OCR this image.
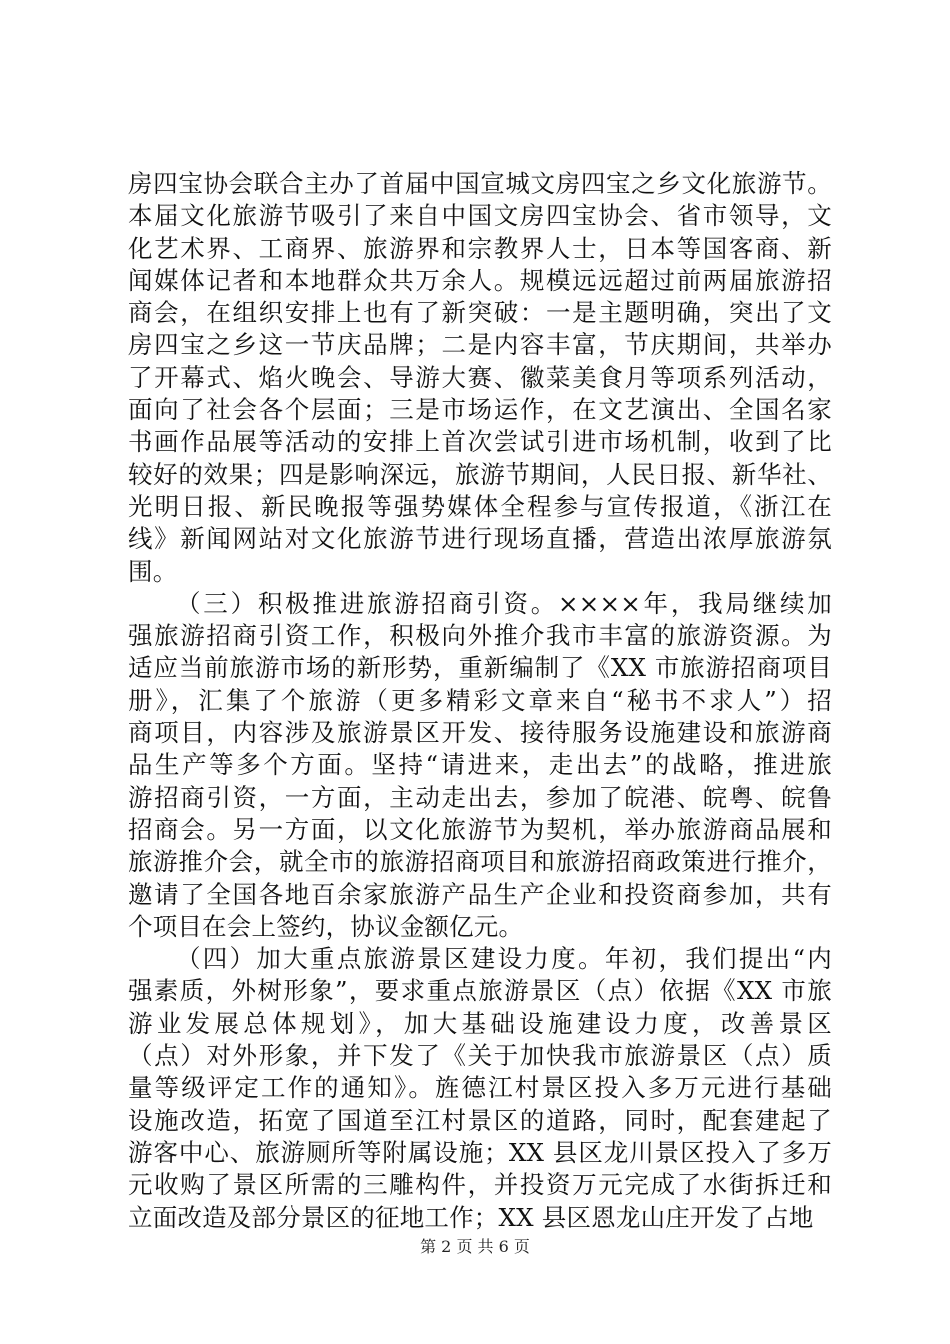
房四宝协会联合主办了首届中国宣城文房四宝之乡文化旅游节。
本届文化旅游节吸引了来自中国文房四宝协会、省市领导，文
化艺术界、工商界、旅游界和宗教界人士，日本等国客商、新
闻媒体记者和本地群众共万余人。规模远远超过前两届旅游招
商会，在组织安排上也有了新突破：一是主题明确，突出了文
房四宝之乡这一节庆品牌；二是内容丰富，节庆期间，共举办
了开幕式、焰火晚会、导游大赛、徽菜美食月等项系列活动，
面向了社会各个层面；三是市场运作，在文艺演出、全国名家
书画作品展等活动的安排上首次尝试引进市场机制，收到了比
较好的效果；四是影响深远，旅游节期间，人民日报、新华社、
光明日报、新民晚报等强势媒体全程参与宣传报道，《浙江在
线》新闻网站对文化旅游节进行现场直播，营造出浓厚旅游氛
围。
（三）积极推进旅游招商引资。××××年，我局继续加
强旅游招商引资工作，积极向外推介我市丰富的旅游资源。为
适应当前旅游市场的新形势，重新编制了《XX 市旅游招商项目
册》，汇集了个旅游（更多精彩文章来自“秘书不求人”）招
商项目，内容涉及旅游景区开发、接待服务设施建设和旅游商
品生产等多个方面。坚持“请进来，走出去”的战略，推进旅
游招商引资，一方面，主动走出去，参加了皖港、皖粤、皖鲁
招商会。另一方面，以文化旅游节为契机，举办旅游商品展和
旅游推介会，就全市的旅游招商项目和旅游招商政策进行推介，
邀请了全国各地百余家旅游产品生产企业和投资商参加，共有
个项目在会上签约，协议金额亿元。
（四）加大重点旅游景区建设力度。年初，我们提出“内
强素质，外树形象”，要求重点旅游景区（点）依据《XX 市旅
游业发展总体规划》，加大基础设施建设力度，改善景区
（点）对外形象，并下发了《关于加快我市旅游景区（点）质
量等级评定工作的通知》。旌德江村景区投入多万元进行基础
设施改造，拓宽了国道至江村景区的道路，同时，配套建起了
游客中心、旅游厕所等附属设施；XX 县区龙川景区投入了多万
元收购了景区所需的三雕构件，并投资万元完成了水街拆迁和
立面改造及部分景区的征地工作；XX 县区恩龙山庄开发了占地
第 2 页 共 6 页
